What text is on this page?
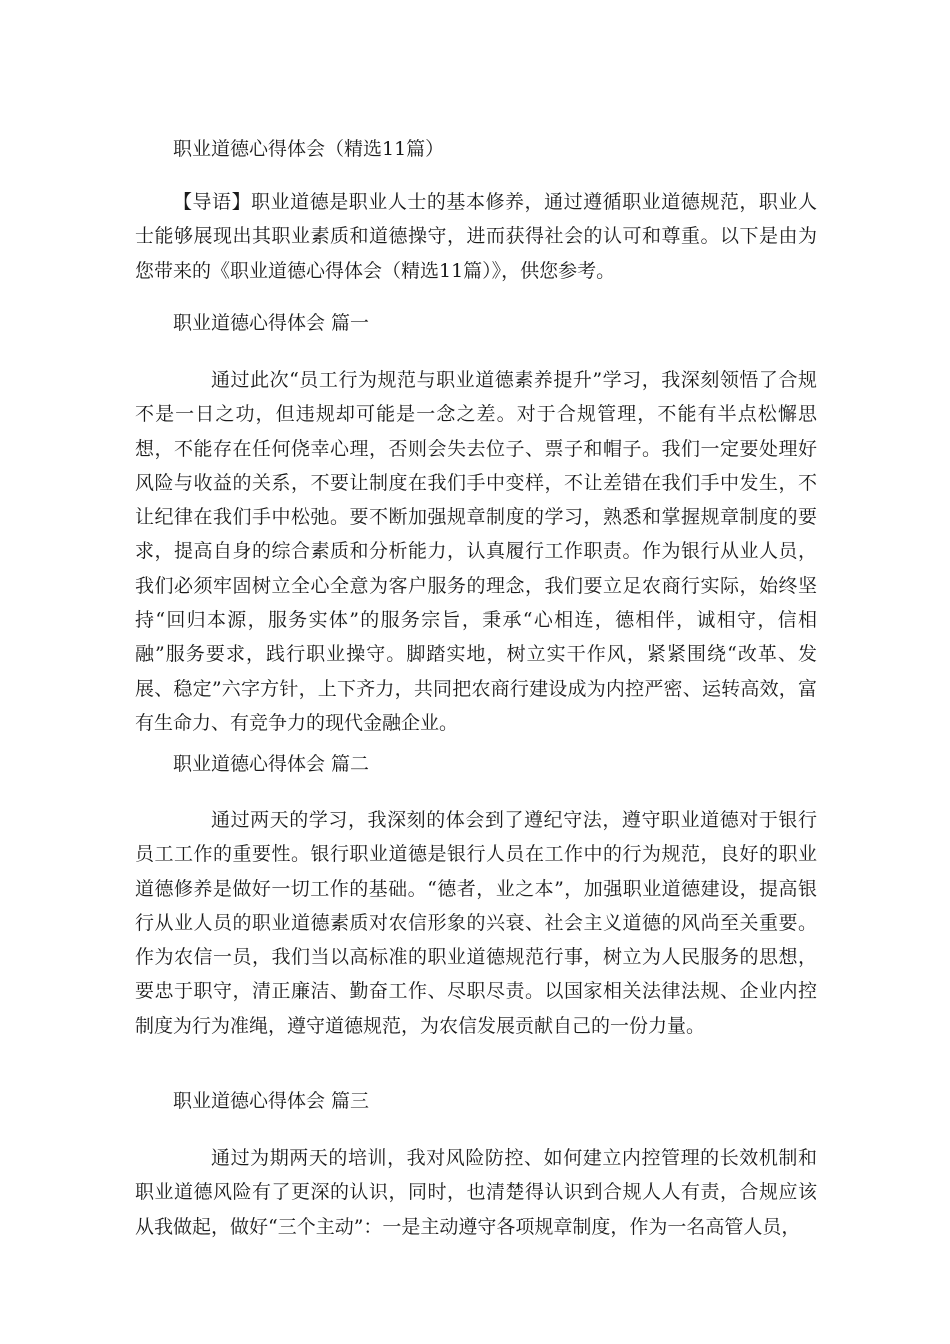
职业道德心得体会（精选11篇）

【导语】职业道德是职业人士的基本修养，通过遵循职业道德规范，职业人士能够展现出其职业素质和道德操守，进而获得社会的认可和尊重。以下是由为您带来的《职业道德心得体会（精选11篇）》，供您参考。

职业道德心得体会 篇一

通过此次“员工行为规范与职业道德素养提升”学习，我深刻领悟了合规不是一日之功，但违规却可能是一念之差。对于合规管理，不能有半点松懈思想，不能存在任何侥幸心理，否则会失去位子、票子和帽子。我们一定要处理好风险与收益的关系，不要让制度在我们手中变样，不让差错在我们手中发生，不让纪律在我们手中松弛。要不断加强规章制度的学习，熟悉和掌握规章制度的要求，提高自身的综合素质和分析能力，认真履行工作职责。作为银行从业人员，我们必须牢固树立全心全意为客户服务的理念，我们要立足农商行实际，始终坚持“回归本源，服务实体”的服务宗旨，秉承“心相连，德相伴，诚相守，信相融”服务要求，践行职业操守。脚踏实地，树立实干作风，紧紧围绕“改革、发展、稳定”六字方针，上下齐力，共同把农商行建设成为内控严密、运转高效，富有生命力、有竞争力的现代金融企业。

职业道德心得体会 篇二

通过两天的学习，我深刻的体会到了遵纪守法，遵守职业道德对于银行员工工作的重要性。银行职业道德是银行人员在工作中的行为规范，良好的职业道德修养是做好一切工作的基础。“德者，业之本”，加强职业道德建设，提高银行从业人员的职业道德素质对农信形象的兴衰、社会主义道德的风尚至关重要。作为农信一员，我们当以高标准的职业道德规范行事，树立为人民服务的思想，要忠于职守，清正廉洁、勤奋工作、尽职尽责。以国家相关法律法规、企业内控制度为行为准绳，遵守道德规范，为农信发展贡献自己的一份力量。

职业道德心得体会 篇三

通过为期两天的培训，我对风险防控、如何建立内控管理的长效机制和职业道德风险有了更深的认识，同时，也清楚得认识到合规人人有责，合规应该从我做起，做好“三个主动”：一是主动遵守各项规章制度，作为一名高管人员，
